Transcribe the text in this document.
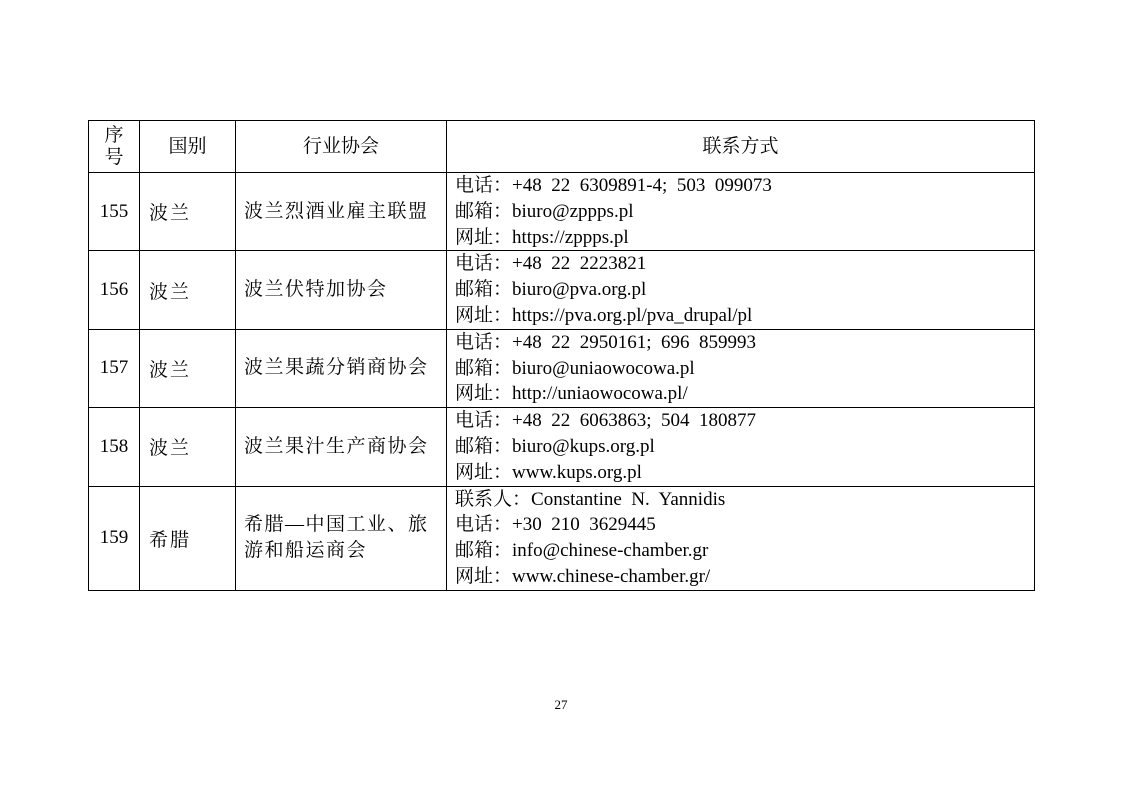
序号	国别	行业协会	联系方式
155	波兰	波兰烈酒业雇主联盟	电话：+48  22  6309891-4;  503  099073
邮箱：biuro@zppps.pl
网址：https://zppps.pl

156	波兰	波兰伏特加协会	电话：+48  22  2223821
邮箱：biuro@pva.org.pl
网址：https://pva.org.pl/pva_drupal/pl

157	波兰	波兰果蔬分销商协会	电话：+48  22  2950161;  696  859993
邮箱：biuro@uniaowocowa.pl
网址：http://uniaowocowa.pl/

158	波兰	波兰果汁生产商协会	电话：+48  22  6063863;  504  180877
邮箱：biuro@kups.org.pl
网址：www.kups.org.pl

159	希腊	希腊—中国工业、旅游和船运商会	联系人：Constantine  N.  Yannidis
电话：+30  210  3629445
邮箱：info@chinese-chamber.gr
网址：www.chinese-chamber.gr/
27
